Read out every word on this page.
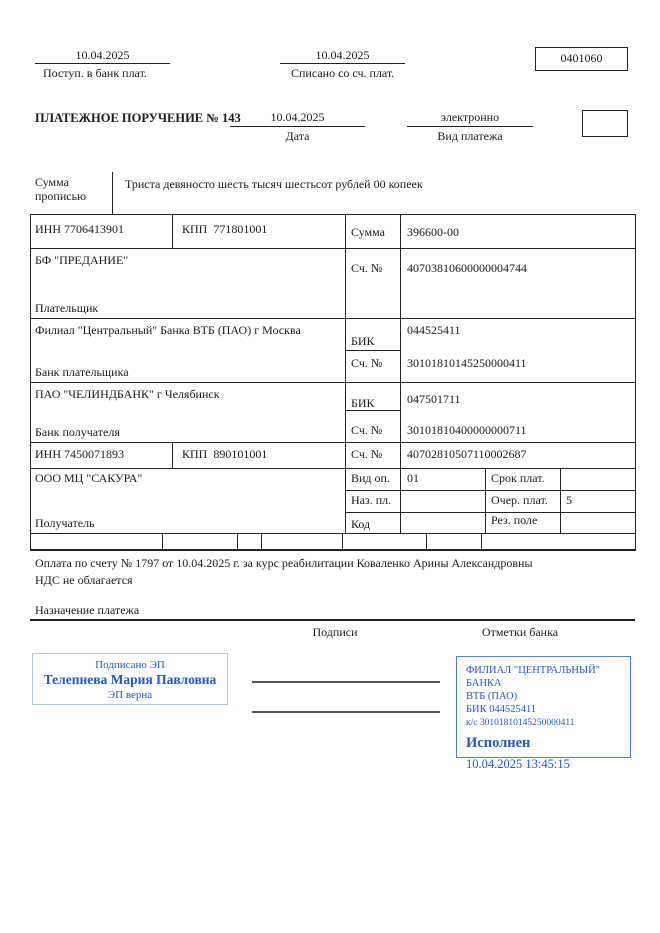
10.04.2025
Поступ. в банк плат.
10.04.2025
Списано со сч. плат.
0401060
ПЛАТЕЖНОЕ ПОРУЧЕНИЕ № 143	10.04.2025
Дата
электронно
Вид платежа
Сумма прописью
Триста девяносто шесть тысяч шестьсот рублей 00 копеек
ИНН 7706413901	КПП  771801001	Сумма 396600-00
БФ "ПРЕДАНИЕ"
Сч. № 40703810600000004744
Плательщик
Филиал "Центральный" Банка ВТБ (ПАО) г Москва
БИК
044525411
Сч. № 30101810145250000411
Банк плательщика
ПАО "ЧЕЛИНДБАНК" г Челябинск
БИК	047501711
Сч. № 30101810400000000711
Банк получателя
ИНН 7450071893	КПП  890101001	Сч. № 40702810507110002687
ООО МЦ "САКУРА"	Вид оп. 01	Срок плат.
Наз. пл.	Очер. плат. 5
Код	Рез. поле
Получатель
Оплата по счету № 1797 от 10.04.2025 г. за курс реабилитации Коваленко Арины Александровны
НДС не облагается
Назначение платежа
Подписи	Отметки банка
Подписано ЭП
Телепнева Мария Павловна
ЭП верна
ФИЛИАЛ "ЦЕНТРАЛЬНЫЙ" БАНКА
ВТБ (ПАО)
БИК 044525411
к/с 30101810145250000411
Исполнен
10.04.2025 13:45:15
